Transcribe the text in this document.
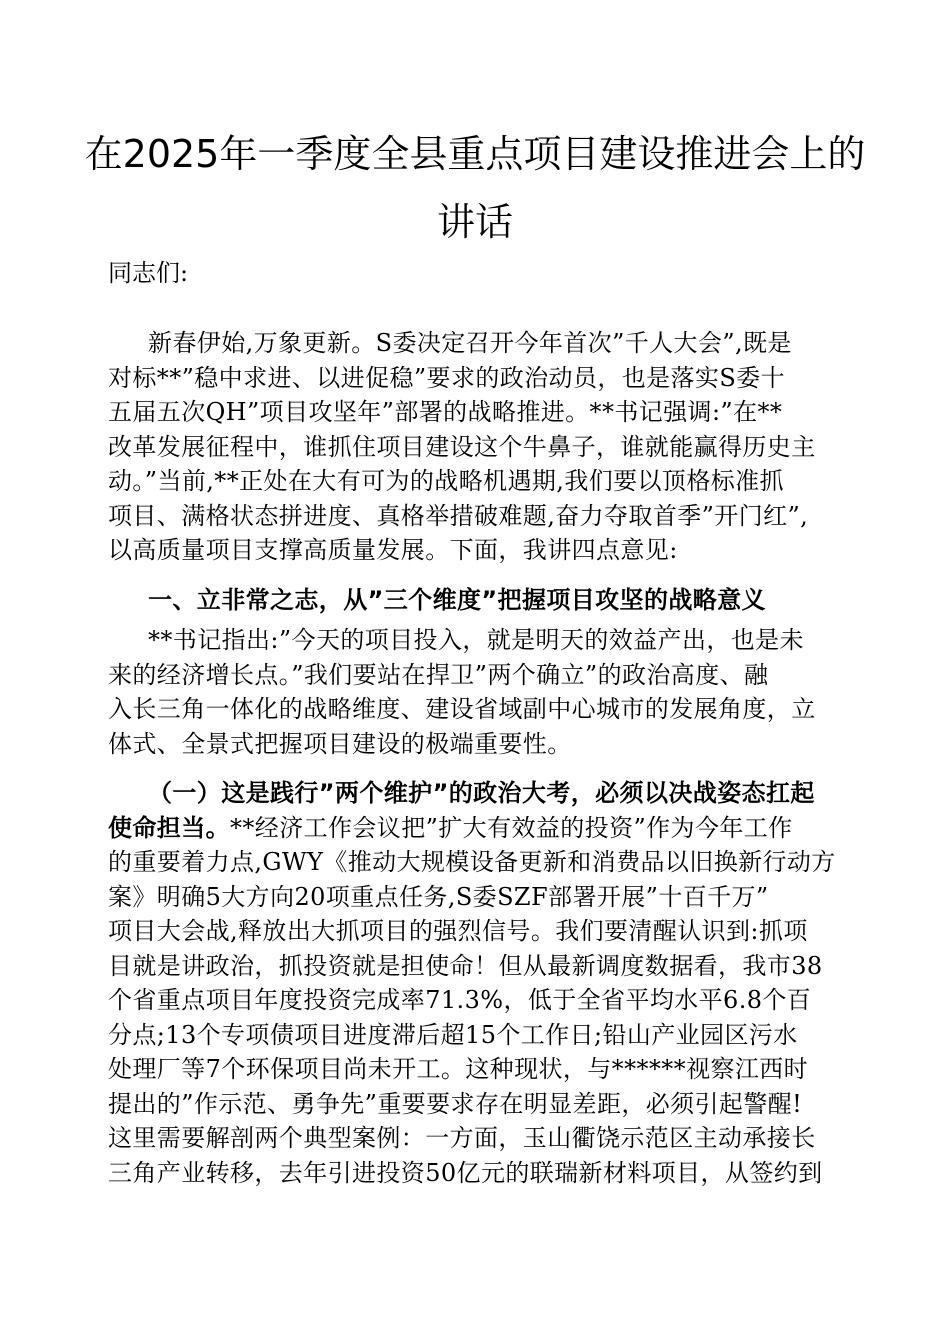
在2025年一季度全县重点项目建设推进会上的
讲话
同志们:
新春伊始,万象更新。S委决定召开今年首次”千人大会”,既是
对标**”稳中求进、以进促稳”要求的政治动员，也是落实S委十
五届五次QH”项目攻坚年”部署的战略推进。**书记强调:”在**
改革发展征程中，谁抓住项目建设这个牛鼻子，谁就能赢得历史主
动。”当前,**正处在大有可为的战略机遇期,我们要以顶格标准抓
项目、满格状态拼进度、真格举措破难题,奋力夺取首季”开门红”,
以高质量项目支撑高质量发展。下面，我讲四点意见:
一、立非常之志，从”三个维度”把握项目攻坚的战略意义
**书记指出:”今天的项目投入，就是明天的效益产出，也是未
来的经济增长点。”我们要站在捍卫”两个确立”的政治高度、融
入长三角一体化的战略维度、建设省域副中心城市的发展角度，立
体式、全景式把握项目建设的极端重要性。
（一）这是践行”两个维护”的政治大考，必须以决战姿态扛起
使命担当。**经济工作会议把”扩大有效益的投资”作为今年工作
的重要着力点,GWY《推动大规模设备更新和消费品以旧换新行动方
案》明确5大方向20项重点任务,S委SZF部署开展”十百千万”
项目大会战,释放出大抓项目的强烈信号。我们要清醒认识到:抓项
目就是讲政治，抓投资就是担使命！但从最新调度数据看，我市38
个省重点项目年度投资完成率71.3%，低于全省平均水平6.8个百
分点;13个专项债项目进度滞后超15个工作日;铅山产业园区污水
处理厂等7个环保项目尚未开工。这种现状，与******视察江西时
提出的”作示范、勇争先”重要要求存在明显差距，必须引起警醒!
这里需要解剖两个典型案例：一方面，玉山衢饶示范区主动承接长
三角产业转移，去年引进投资50亿元的联瑞新材料项目，从签约到
